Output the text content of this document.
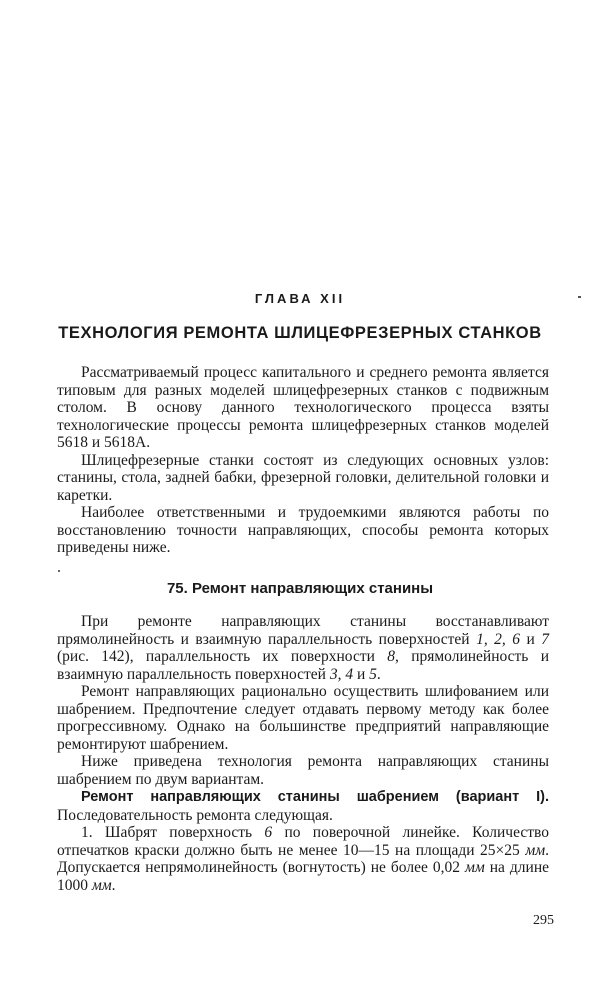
ГЛАВА XII
ТЕХНОЛОГИЯ РЕМОНТА ШЛИЦЕФРЕЗЕРНЫХ СТАНКОВ

Рассматриваемый процесс капитального и среднего ремонта является типовым для разных моделей шлицефрезерных станков с подвижным столом. В основу данного технологического процесса взяты технологические процессы ремонта шлицефрезерных станков моделей 5618 и 5618А.

Шлицефрезерные станки состоят из следующих основных узлов: станины, стола, задней бабки, фрезерной головки, делительной головки и каретки.

Наиболее ответственными и трудоемкими являются работы по восстановлению точности направляющих, способы ремонта которых приведены ниже.

75. Ремонт направляющих станины

При ремонте направляющих станины восстанавливают прямолинейность и взаимную параллельность поверхностей 1, 2, 6 и 7 (рис. 142), параллельность их поверхности 8, прямолинейность и взаимную параллельность поверхностей 3, 4 и 5.

Ремонт направляющих рационально осуществить шлифованием или шабрением. Предпочтение следует отдавать первому методу как более прогрессивному. Однако на большинстве предприятий направляющие ремонтируют шабрением.

Ниже приведена технология ремонта направляющих станины шабрением по двум вариантам.

Ремонт направляющих станины шабрением (вариант I). Последовательность ремонта следующая.

1. Шабрят поверхность 6 по поверочной линейке. Количество отпечатков краски должно быть не менее 10—15 на площади 25×25 мм. Допускается непрямолинейность (вогнутость) не более 0,02 мм на длине 1000 мм.

295
